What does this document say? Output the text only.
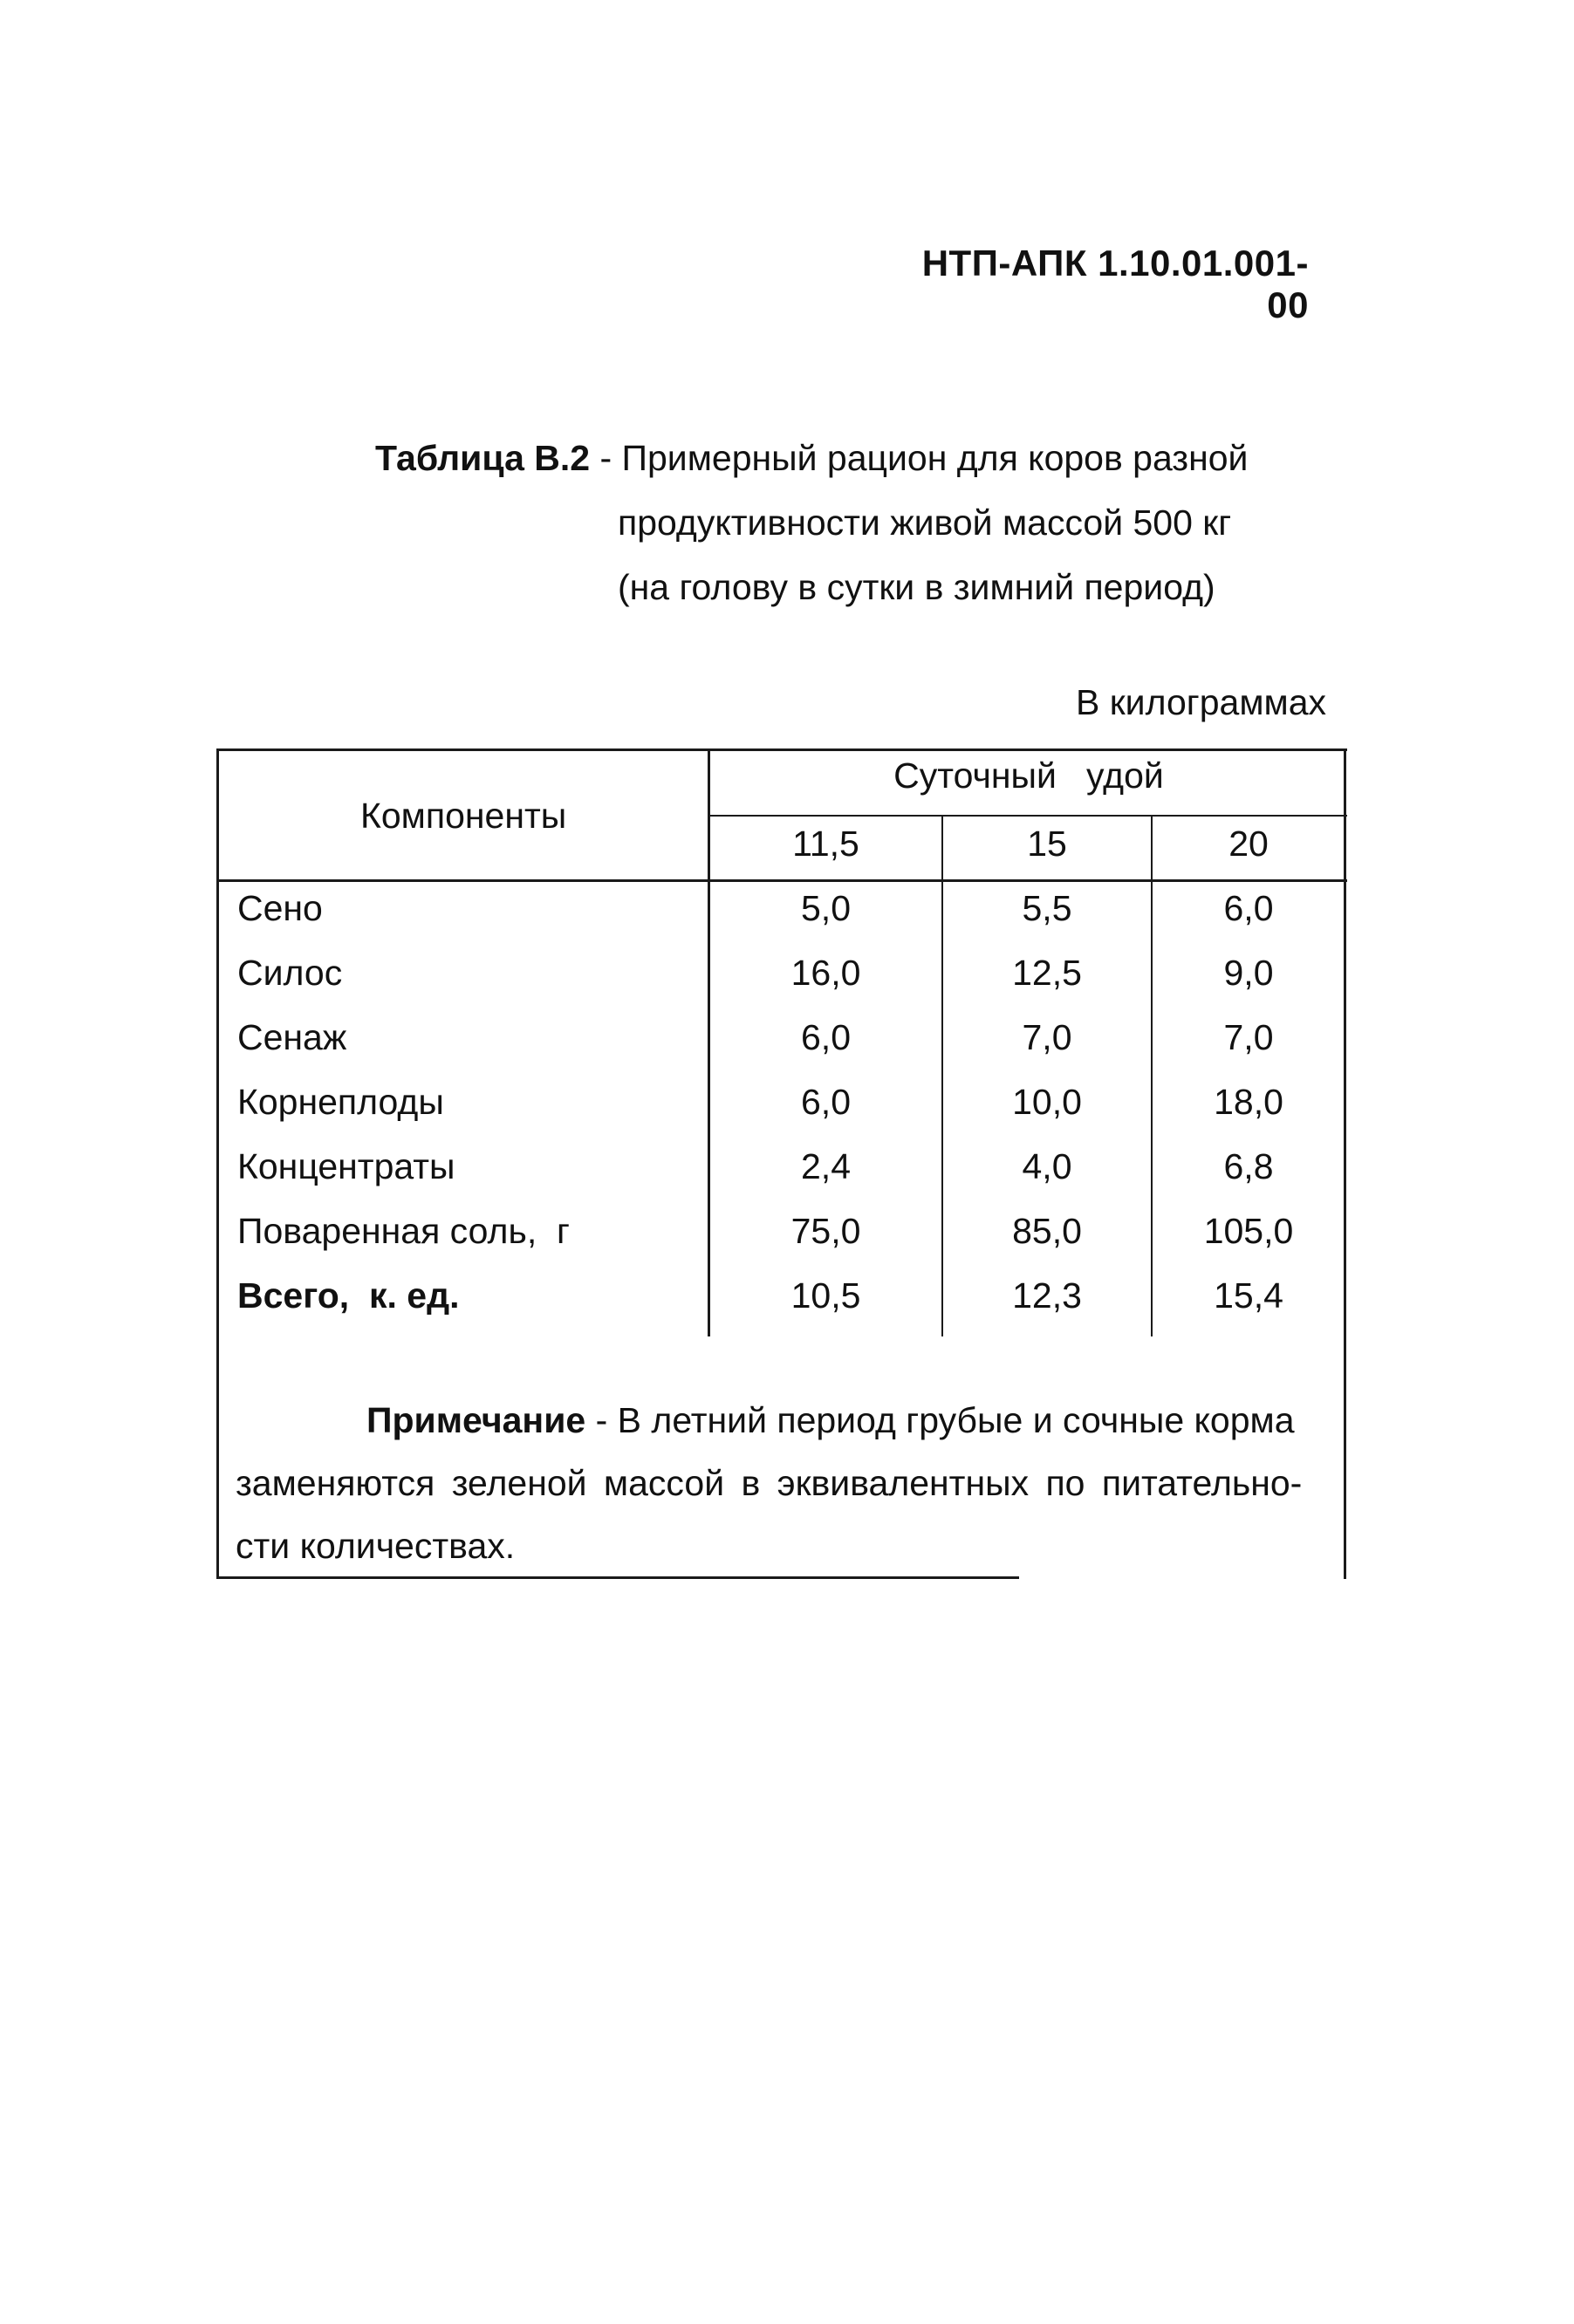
НТП-АПК 1.10.01.001-00
Таблица В.2 - Примерный рацион для коров разной
продуктивности живой массой 500 кг
(на голову в сутки в зимний период)
В килограммах
Компоненты
Суточный   удой
11,5	15	20
Сено	5,0	5,5	6,0
Силос	16,0	12,5	9,0
Сенаж	6,0	7,0	7,0
Корнеплоды	6,0	10,0	18,0
Концентраты	2,4	4,0	6,8
Поваренная соль,  г	75,0	85,0	105,0
Всего,  к. ед.	10,5	12,3	15,4
Примечание - В летний период грубые и сочные корма
заменяются зеленой массой в эквивалентных по питательно-
сти количествах.
